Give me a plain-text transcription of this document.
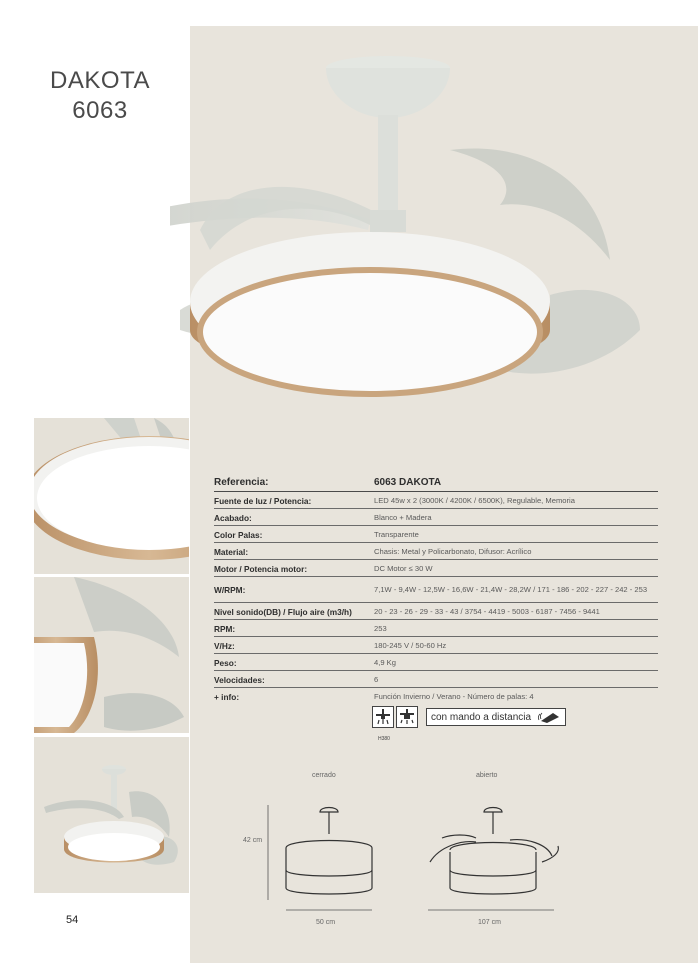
DAKOTA
6063
Referencia:	6063 DAKOTA
Fuente de luz / Potencia:	LED 45w x 2 (3000K / 4200K / 6500K), Regulable, Memoria
Acabado:	Blanco + Madera
Color Palas:	Transparente
Material:	Chasis: Metal y Policarbonato, Difusor: Acrílico
Motor / Potencia motor:	DC Motor ≤ 30 W
W/RPM:	7,1W - 9,4W - 12,5W - 16,6W - 21,4W - 28,2W / 171 - 186 - 202 - 227 - 242 - 253
Nivel sonido(DB) / Flujo aire (m3/h)	20 - 23 - 26 - 29 - 33 - 43 / 3754 - 4419 - 5003 - 6187 - 7456 - 9441
RPM:	253
V/Hz:	180-245 V / 50-60 Hz
Peso:	4,9 Kg
Velocidades:	6
+ info:	Función Invierno / Verano - Número de palas: 4
con mando a distancia
H380
cerrado	abierto
42 cm
50 cm	107 cm
54
